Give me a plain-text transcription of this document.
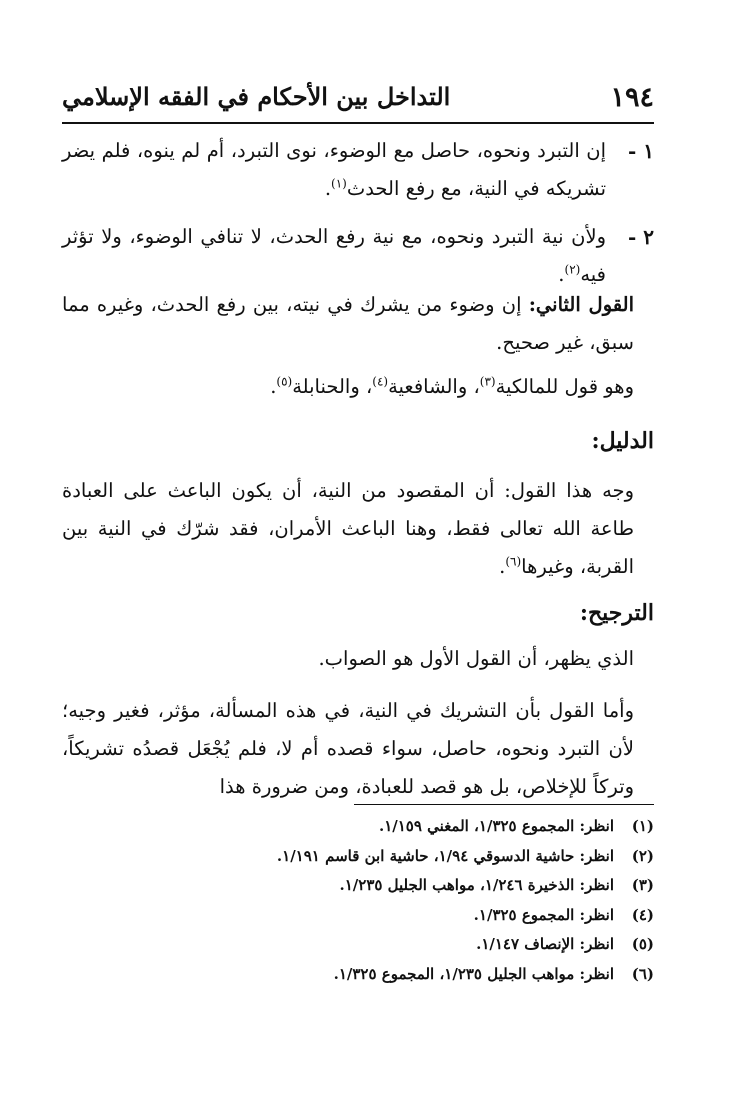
١٩٤
التداخل بين الأحكام في الفقه الإسلامي

١ -
إن التبرد ونحوه، حاصل مع الوضوء، نوى التبرد، أم لم ينوه، فلم يضر تشريكه في النية، مع رفع الحدث$^{(١)}$.

٢ -
ولأن نية التبرد ونحوه، مع نية رفع الحدث، لا تنافي الوضوء، ولا تؤثر فيه$^{(٢)}$.

القول الثاني: إن وضوء من يشرك في نيته، بين رفع الحدث، وغيره مما سبق، غير صحيح.

وهو قول للمالكية$^{(٣)}$، والشافعية$^{(٤)}$، والحنابلة$^{(٥)}$.

الدليل:

وجه هذا القول: أن المقصود من النية، أن يكون الباعث على العبادة طاعة الله تعالى فقط، وهنا الباعث الأمران، فقد شرّك في النية بين القربة، وغيرها$^{(٦)}$.

الترجيح:

الذي يظهر، أن القول الأول هو الصواب.

وأما القول بأن التشريك في النية، في هذه المسألة، مؤثر، فغير وجيه؛ لأن التبرد ونحوه، حاصل، سواء قصده أم لا، فلم يُجْعَل قصدُه تشريكاً، وتركاً للإخلاص، بل هو قصد للعبادة، ومن ضرورة هذا

(١)
انظر: المجموع ١/٣٢٥، المغني ١/١٥٩.
(٢)
انظر: حاشية الدسوقي ١/٩٤، حاشية ابن قاسم ١/١٩١.
(٣)
انظر: الذخيرة ١/٢٤٦، مواهب الجليل ١/٢٣٥.
(٤)
انظر: المجموع ١/٣٢٥.
(٥)
انظر: الإنصاف ١/١٤٧.
(٦)
انظر: مواهب الجليل ١/٢٣٥، المجموع ١/٣٢٥.
